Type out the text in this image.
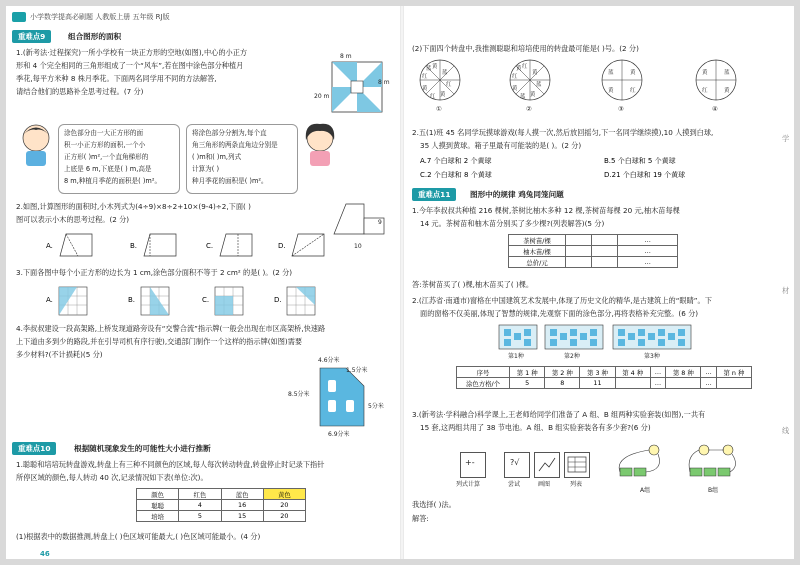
小学数学提高必刷题 人教版上册 五年级 RJ版
重难点9	组合图形的面积
1.(新考法·过程探究)一所小学校有一块正方形的空地(如图),中心的小正方
形和 4 个完全相同的三角形组成了一个“风车”,若在图中涂色部分种植月
季花,每平方米种 8 株月季花。下面两名同学用不同的方法解答,
请结合他们的思路补全思考过程。(7 分)
8 m
20 m
8 m
涂色部分由一大正方形的面
积一小正方形的面积,一个小
正方形( )m²,一个直角梯形的
上底是 6 m,下底是( ) m,高是
8 m,种植月季花的面积是( )m²。
将涂色部分分割为,每个直
角三角形的两条直角边分别是
( )m和( )m,列式
计算为( )
种月季花的面积是( )m²。
2.如图,计算图形的面积时,小木列式为(4÷9)×8÷2+10×(9-4)÷2,下面( )
图可以表示小木的思考过程。(2 分)	9
10
A.	B.	C.	D.
3.下面各图中每个小正方形的边长为 1 cm,涂色部分面积不等于 2 cm² 的是( )。(2 分)
A.	B.	C.	D.
4.李叔叔建设一段高架路,上桥发现道路旁设有“交警合流”指示牌(一般会出现在市区高架桥,快速路
上下道由多到少的路段,并在引导司机有序行驶),交通部门制作一个这样的指示牌(如图)需要
多少材料?(不计损耗)(5 分)
4.6分米
1.5分米
8.5分米
5分米
6.9分米
重难点10	根据随机现象发生的可能性大小进行推断
1.聪聪和培培玩转盘游戏,转盘上有三种不同颜色的区域,每人每次转动转盘,转盘停止时记录下指针
所停区域的颜色,每人转动 40 次,记录情况如下表(单位:次)。
颜色	红色	蓝色	黄色
聪聪	4	16	20
培培	5	15	20
(1)根据表中的数据推测,转盘上( )色区域可能最大,( )色区域可能最小。(4 分)
46
(2)下面四个转盘中,我推测聪聪和培培使用的转盘最可能是( )号。(2 分)
①
黄
蓝
红
黄
红
黄
红
蓝
②
红
黄
蓝
黄
蓝
黄
红
黄
③
蓝	黄
红
黄
④
黄	蓝
黄
红
2.五(1)班 45 名同学玩摸球游戏(每人摸一次,然后放回摇匀,下一名同学继续摸),10 人摸到白球,
35 人摸到黄球。箱子里最有可能装的是( )。(2 分)
A.7 个白球和 2 个黄球	B.5 个白球和 5 个黄球
C.2 个白球和 8 个黄球	D.21 个白球和 19 个黄球
重难点11	图形中的规律 鸡兔同笼问题
1.今年李叔叔共种植 216 棵树,茶树比柚木多种 12 棵,茶树苗每棵 20 元,柚木苗每棵
14 元。茶树苗和柚木苗分别买了多少棵?(列表解答)(5 分)
茶树苗/棵			…
柚木苗/棵			…
总价/元			…
答:茶树苗买了( )棵,柚木苗买了( )棵。
2.(江苏省·南通市)窗格在中国建筑艺术发展中,体现了历史文化的精华,是古建筑上的“眼睛”。下
面的窗格不仅美丽,体现了智慧的规律,先观察下面的涂色部分,再将表格补充完整。(6 分)
第1种	第2种	第3种
序号	第 1 种	第 2 种	第 3 种	第 4 种	…	第 8 种	…	第 n 种
涂色方格/个	5	8	11		…		…	
3.(新考法·学科融合)科学课上,王老师给同学们准备了 A 组、B 组两种实验套装(如图),一共有
15 套,这两组共用了 38 节电池。A 组、B 组实验套装各有多少套?(6 分)
+-
列式计算
?√
尝试	画图	列表
A组	B组
我选择( )法。
解答:
学
材
线
